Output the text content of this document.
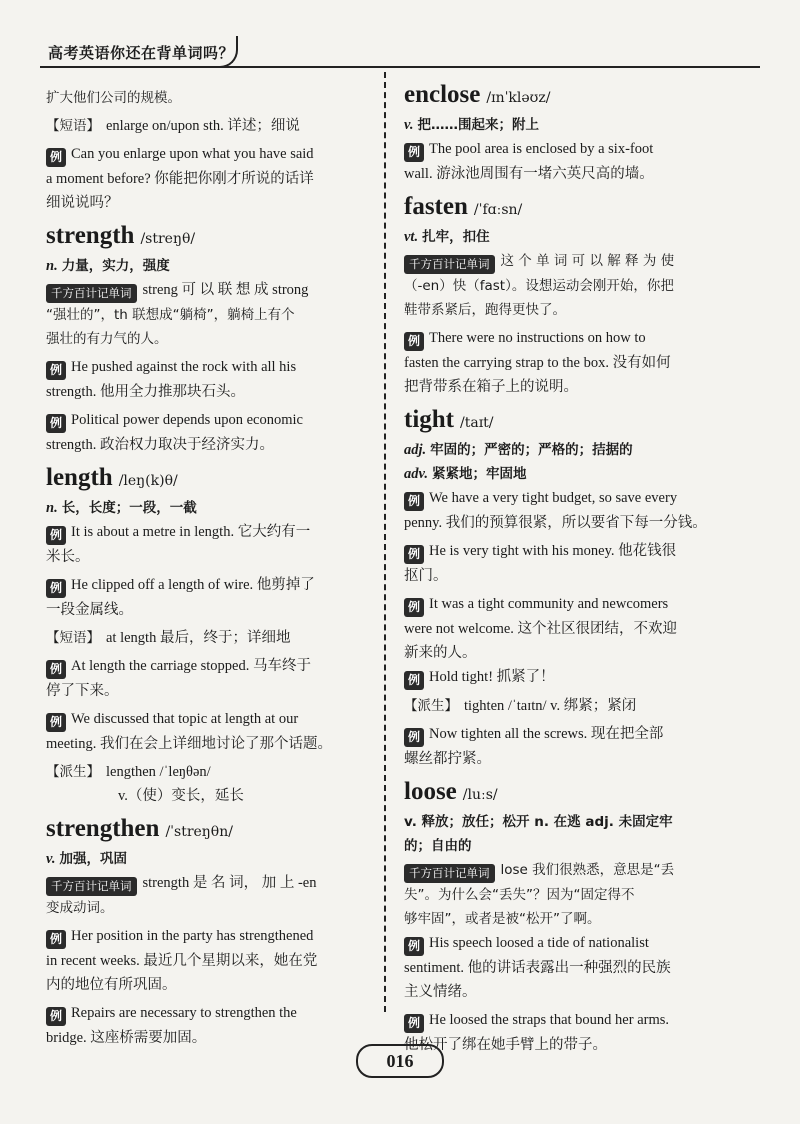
高考英语你还在背单词吗？

扩大他们公司的规模。

【短语】 enlarge on/upon sth. 详述；细说

例 Can you enlarge upon what you have said

a moment before? 你能把你刚才所说的话详

细说说吗？

strength /streŋθ/

n. 力量，实力，强度

千方百计记单词 streng 可 以 联 想 成 strong

“强壮的”，th 联想成“躺椅”，躺椅上有个

强壮的有力气的人。

例 He pushed against the rock with all his

strength. 他用全力推那块石头。

例 Political power depends upon economic

strength. 政治权力取决于经济实力。

length /leŋ(k)θ/

n. 长，长度；一段，一截

例 It is about a metre in length. 它大约有一

米长。

例 He clipped off a length of wire. 他剪掉了

一段金属线。

【短语】 at length 最后，终于；详细地

例 At length the carriage stopped. 马车终于

停了下来。

例 We discussed that topic at length at our

meeting. 我们在会上详细地讨论了那个话题。

【派生】 lengthen /ˈleŋθən/

v.（使）变长，延长

strengthen /ˈstreŋθn/

v. 加强，巩固

千方百计记单词 strength 是 名 词， 加 上 -en

变成动词。

例 Her position in the party has strengthened

in recent weeks. 最近几个星期以来，她在党

内的地位有所巩固。

例 Repairs are necessary to strengthen the

bridge. 这座桥需要加固。

enclose /ɪnˈkləʊz/

v. 把……围起来；附上

例 The pool area is enclosed by a six-foot

wall. 游泳池周围有一堵六英尺高的墙。

fasten /ˈfɑːsn/

vt. 扎牢，扣住

千方百计记单词 这 个 单 词 可 以 解 释 为 使

（-en）快（fast）。设想运动会刚开始，你把

鞋带系紧后，跑得更快了。

例 There were no instructions on how to

fasten the carrying strap to the box. 没有如何

把背带系在箱子上的说明。

tight /taɪt/

adj. 牢固的；严密的；严格的；拮据的

adv. 紧紧地；牢固地

例 We have a very tight budget, so save every

penny. 我们的预算很紧，所以要省下每一分钱。

例 He is very tight with his money. 他花钱很

抠门。

例 It was a tight community and newcomers

were not welcome. 这个社区很团结，不欢迎

新来的人。

例 Hold tight! 抓紧了！

【派生】 tighten /ˈtaɪtn/ v. 绑紧；紧闭

例 Now tighten all the screws. 现在把全部

螺丝都拧紧。

loose /luːs/

v. 释放；放任；松开 n. 在逃 adj. 未固定牢

的；自由的

千方百计记单词 lose 我们很熟悉，意思是“丢

失”。为什么会“丢失”？因为“固定得不

够牢固”，或者是被“松开”了啊。

例 His speech loosed a tide of nationalist

sentiment. 他的讲话表露出一种强烈的民族

主义情绪。

例 He loosed the straps that bound her arms.

他松开了绑在她手臂上的带子。

016
